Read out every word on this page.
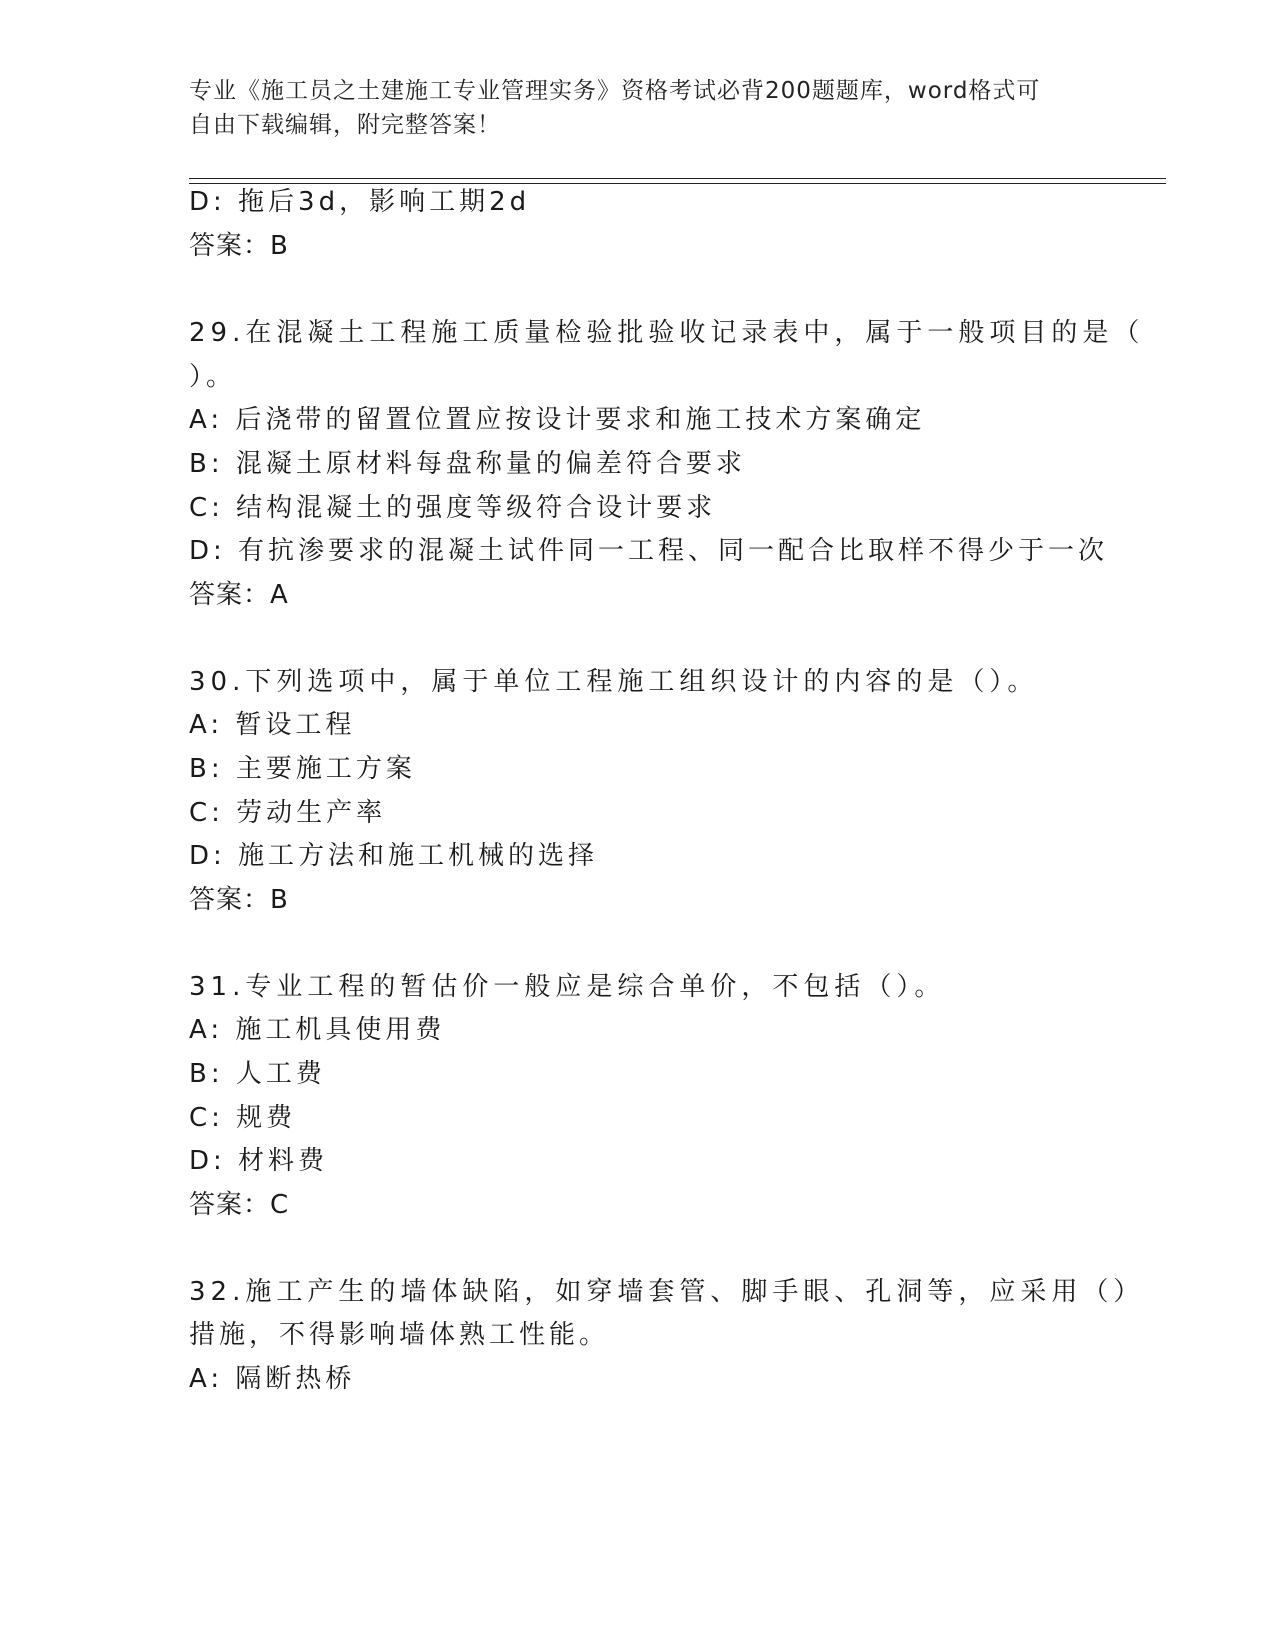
专业《施工员之土建施工专业管理实务》资格考试必背200题题库，word格式可
自由下载编辑，附完整答案！
D: 拖后3d，影响工期2d
答案：B
29.在混凝土工程施工质量检验批验收记录表中，属于一般项目的是（
）。
A: 后浇带的留置位置应按设计要求和施工技术方案确定
B: 混凝土原材料每盘称量的偏差符合要求
C: 结构混凝土的强度等级符合设计要求
D: 有抗渗要求的混凝土试件同一工程、同一配合比取样不得少于一次
答案：A
30.下列选项中，属于单位工程施工组织设计的内容的是（）。
A: 暂设工程
B: 主要施工方案
C: 劳动生产率
D: 施工方法和施工机械的选择
答案：B
31.专业工程的暂估价一般应是综合单价，不包括（）。
A: 施工机具使用费
B: 人工费
C: 规费
D: 材料费
答案：C
32.施工产生的墙体缺陷，如穿墙套管、脚手眼、孔洞等，应采用（）
措施，不得影响墙体熟工性能。
A: 隔断热桥
